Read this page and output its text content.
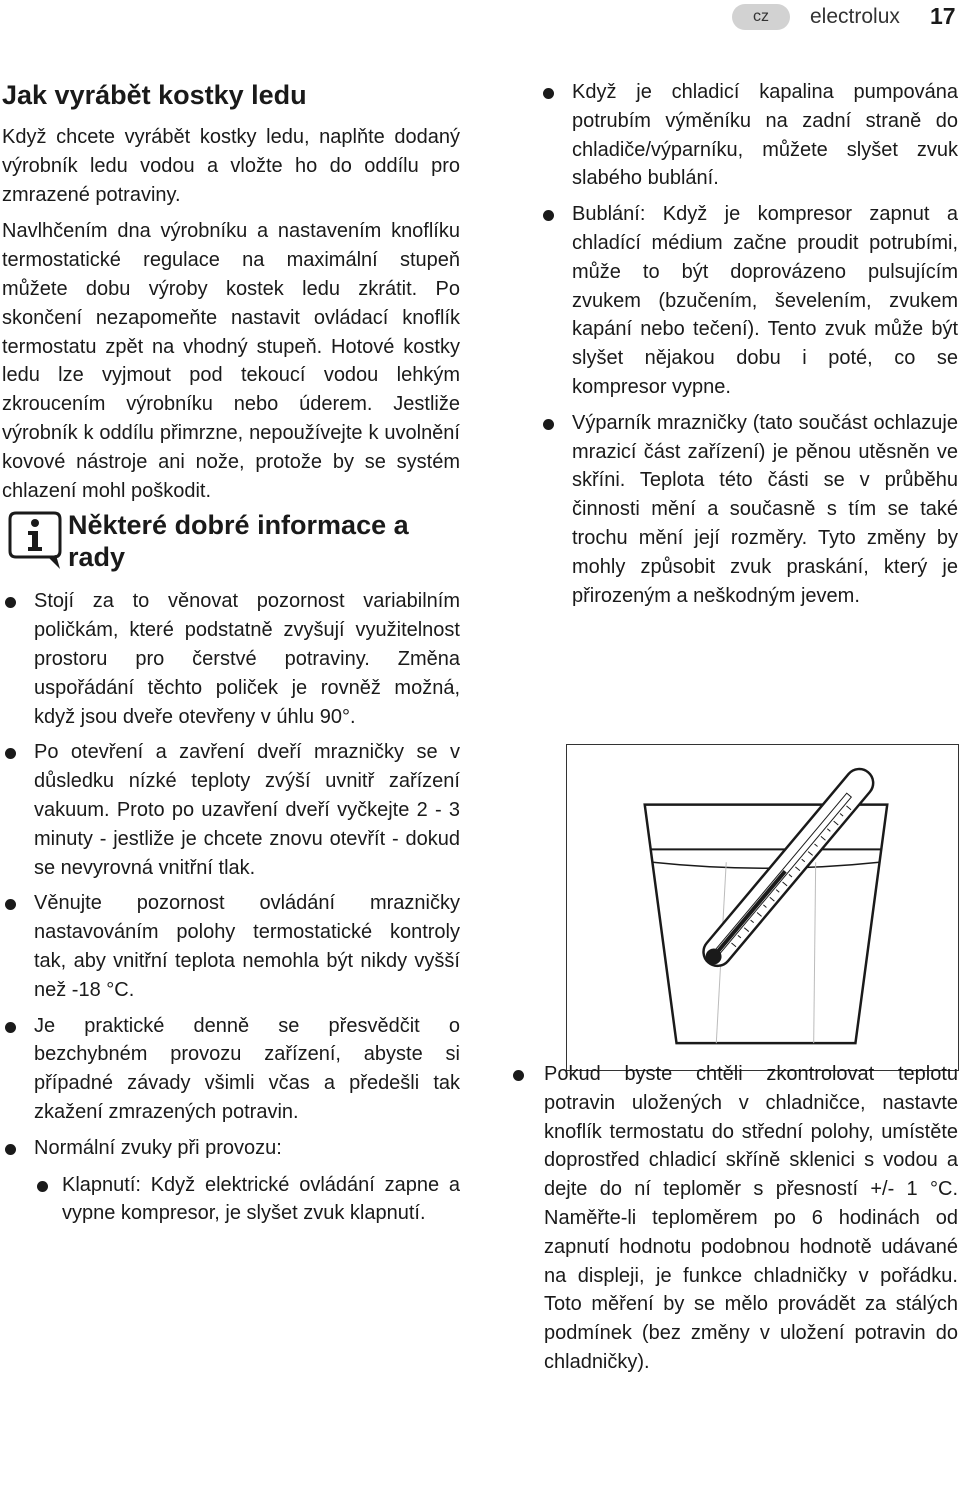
cz	electrolux 17
Jak vyrábět kostky ledu

Když chcete vyrábět kostky ledu, naplňte dodaný výrobník ledu vodou a vložte ho do oddílu pro zmrazené potraviny.

Navlhčením dna výrobníku a nastavením knoflíku termostatické regulace na maximální stupeň můžete dobu výroby kostek ledu zkrátit. Po skončení nezapomeňte nastavit ovládací knoflík termostatu zpět na vhodný stupeň. Hotové kostky ledu lze vyjmout pod tekoucí vodou lehkým zkroucením výrobníku nebo úderem. Jestliže výrobník k oddílu přimrzne, nepoužívejte k uvolnění kovové nástroje ani nože, protože by se systém chlazení mohl poškodit.

Některé dobré informace a rady
Stojí za to věnovat pozornost variabilním poličkám, které podstatně zvyšují využitelnost prostoru pro čerstvé potraviny. Změna uspořádání těchto poliček je rovněž možná, když jsou dveře otevřeny v úhlu 90°.
Po otevření a zavření dveří mrazničky se v důsledku nízké teploty zvýší uvnitř zařízení vakuum. Proto po uzavření dveří vyčkejte 2 - 3 minuty - jestliže je chcete znovu otevřít - dokud se nevyrovná vnitřní tlak.
Věnujte pozornost ovládání mrazničky nastavováním polohy termostatické kontroly tak, aby vnitřní teplota nemohla být nikdy vyšší než -18 °C.
Je praktické denně se přesvědčit o bezchybném provozu zařízení, abyste si případné závady všimli včas a předešli tak zkažení zmrazených potravin.
Normální zvuky při provozu:
Klapnutí: Když elektrické ovládání zapne a vypne kompresor, je slyšet zvuk klapnutí.
Když je chladicí kapalina pumpována potrubím výměníku na zadní straně do chladiče/výparníku, můžete slyšet zvuk slabého bublání.
Bublání: Když je kompresor zapnut a chladící médium začne proudit potrubími, může to být doprovázeno pulsujícím zvukem (bzučením, ševelením, zvukem kapání nebo tečení). Tento zvuk může být slyšet nějakou dobu i poté, co se kompresor vypne.
Výparník mrazničky (tato součást ochlazuje mrazicí část zařízení) je pěnou utěsněn ve skříni. Teplota této části se v průběhu činnosti mění a současně s tím se také trochu mění její rozměry. Tyto změny by mohly způsobit zvuk praskání, který je přirozeným a neškodným jevem.
Pokud byste chtěli zkontrolovat teplotu potravin uložených v chladničce, nastavte knoflík termostatu do střední polohy, umístěte doprostřed chladicí skříně sklenici s vodou a dejte do ní teploměr s přesností +/- 1 °C. Naměřte-li teploměrem po 6 hodinách od zapnutí hodnotu podobnou hodnotě udávané na displeji, je funkce chladničky v pořádku. Toto měření by se mělo provádět za stálých podmínek (bez změny v uložení potravin do chladničky).
